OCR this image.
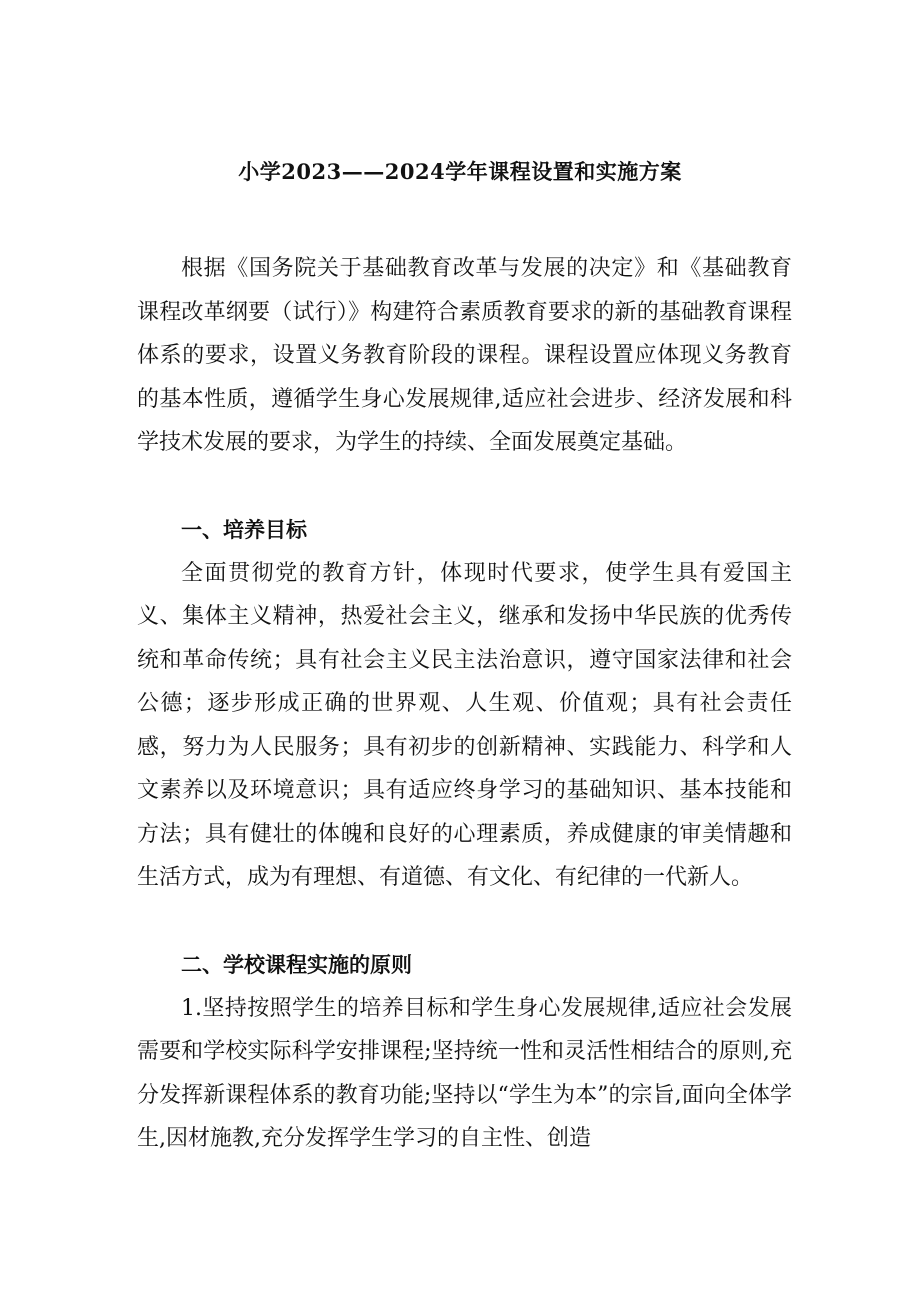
小学2023——2024学年课程设置和实施方案

根据《国务院关于基础教育改革与发展的决定》和《基础教育课程改革纲要（试行）》构建符合素质教育要求的新的基础教育课程体系的要求，设置义务教育阶段的课程。课程设置应体现义务教育的基本性质，遵循学生身心发展规律,适应社会进步、经济发展和科学技术发展的要求，为学生的持续、全面发展奠定基础。

一、培养目标

全面贯彻党的教育方针，体现时代要求，使学生具有爱国主义、集体主义精神，热爱社会主义，继承和发扬中华民族的优秀传统和革命传统；具有社会主义民主法治意识，遵守国家法律和社会公德；逐步形成正确的世界观、人生观、价值观；具有社会责任感，努力为人民服务；具有初步的创新精神、实践能力、科学和人文素养以及环境意识；具有适应终身学习的基础知识、基本技能和方法；具有健壮的体魄和良好的心理素质，养成健康的审美情趣和生活方式，成为有理想、有道德、有文化、有纪律的一代新人。

二、学校课程实施的原则

1.坚持按照学生的培养目标和学生身心发展规律,适应社会发展需要和学校实际科学安排课程;坚持统一性和灵活性相结合的原则,充分发挥新课程体系的教育功能;坚持以“学生为本”的宗旨,面向全体学生,因材施教,充分发挥学生学习的自主性、创造
